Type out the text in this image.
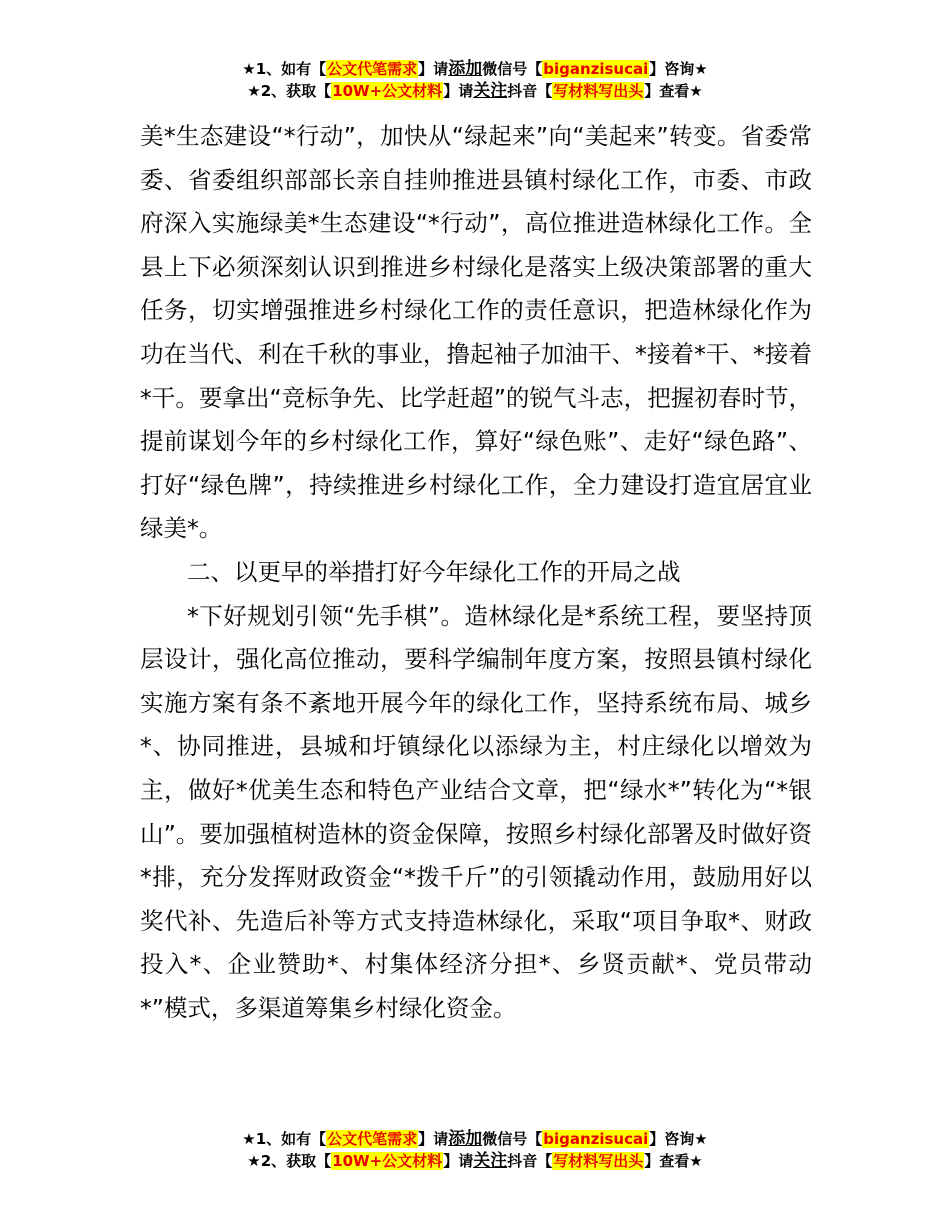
★1、如有【公文代笔需求】请添加微信号【biganzisucai】咨询★
★2、获取【10W+公文材料】请关注抖音【写材料写出头】查看★

美*生态建设“*行动”，加快从“绿起来”向“美起来”转变。省委常委、省委组织部部长亲自挂帅推进县镇村绿化工作，市委、市政府深入实施绿美*生态建设“*行动”，高位推进造林绿化工作。全县上下必须深刻认识到推进乡村绿化是落实上级决策部署的重大任务，切实增强推进乡村绿化工作的责任意识，把造林绿化作为功在当代、利在千秋的事业，撸起袖子加油干、*接着*干、*接着*干。要拿出“竞标争先、比学赶超”的锐气斗志，把握初春时节，提前谋划今年的乡村绿化工作，算好“绿色账”、走好“绿色路”、打好“绿色牌”，持续推进乡村绿化工作，全力建设打造宜居宜业绿美*。

二、以更早的举措打好今年绿化工作的开局之战

*下好规划引领“先手棋”。造林绿化是*系统工程，要坚持顶层设计，强化高位推动，要科学编制年度方案，按照县镇村绿化实施方案有条不紊地开展今年的绿化工作，坚持系统布局、城乡*、协同推进，县城和圩镇绿化以添绿为主，村庄绿化以增效为主，做好*优美生态和特色产业结合文章，把“绿水*”转化为“*银山”。要加强植树造林的资金保障，按照乡村绿化部署及时做好资*排，充分发挥财政资金“*拨千斤”的引领撬动作用，鼓励用好以奖代补、先造后补等方式支持造林绿化，采取“项目争取*、财政投入*、企业赞助*、村集体经济分担*、乡贤贡献*、党员带动*”模式，多渠道筹集乡村绿化资金。

★1、如有【公文代笔需求】请添加微信号【biganzisucai】咨询★
★2、获取【10W+公文材料】请关注抖音【写材料写出头】查看★
